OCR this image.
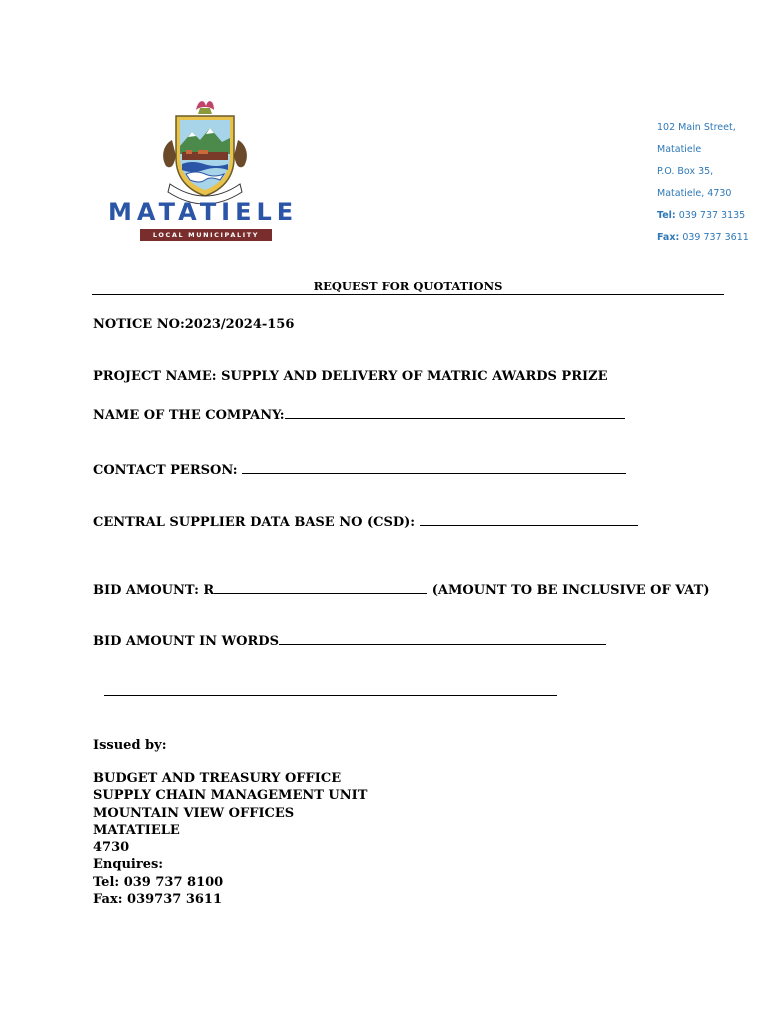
MATATIELE
LOCAL MUNICIPALITY
102 Main Street,
Matatiele
P.O. Box 35,
Matatiele, 4730
Tel: 039 737 3135
Fax: 039 737 3611
REQUEST FOR QUOTATIONS
NOTICE NO:2023/2024-156
PROJECT NAME: SUPPLY AND DELIVERY OF MATRIC AWARDS PRIZE
NAME OF THE COMPANY:
CONTACT PERSON:
CENTRAL SUPPLIER DATA BASE NO (CSD):
BID AMOUNT: R	(AMOUNT TO BE INCLUSIVE OF VAT)
BID AMOUNT IN WORDS
Issued by:
BUDGET AND TREASURY OFFICE
SUPPLY CHAIN MANAGEMENT UNIT
MOUNTAIN VIEW OFFICES
MATATIELE
4730
Enquires:
Tel: 039 737 8100
Fax: 039737 3611
